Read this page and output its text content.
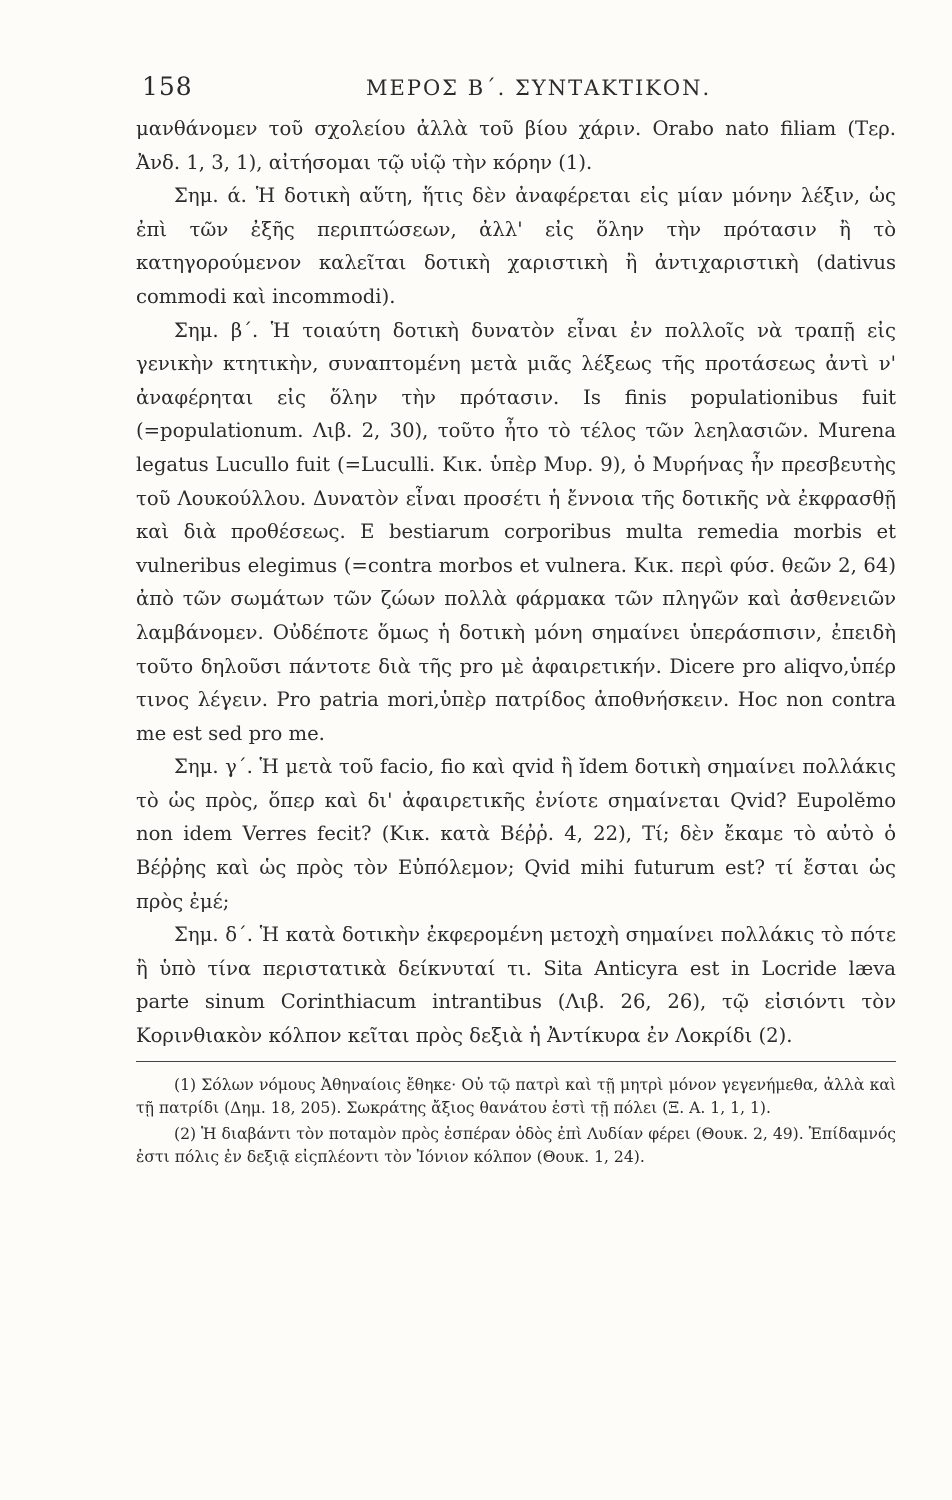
158	ΜΕΡΟΣ Β΄. ΣΥΝΤΑΚΤΙΚΟΝ.

μανθάνομεν τοῦ σχολείου ἀλλὰ τοῦ βίου χάριν. Orabo nato filiam (Τερ. Ἀνδ. 1, 3, 1), αἰτήσομαι τῷ υἱῷ τὴν κόρην (1).

Σημ. ά. Ἡ δοτικὴ αὕτη, ἥτις δὲν ἀναφέρεται εἰς μίαν μόνην λέξιν, ὡς ἐπὶ τῶν ἐξῆς περιπτώσεων, ἀλλ' εἰς ὅλην τὴν πρότασιν ἢ τὸ κατηγορούμενον καλεῖται δοτικὴ χαριστικὴ ἢ ἀντιχαριστικὴ (dativus commodi καὶ incommodi).

Σημ. β΄. Ἡ τοιαύτη δοτικὴ δυνατὸν εἶναι ἐν πολλοῖς νὰ τραπῇ εἰς γενικὴν κτητικὴν, συναπτομένη μετὰ μιᾶς λέξεως τῆς προτάσεως ἀντὶ ν' ἀναφέρηται εἰς ὅλην τὴν πρότασιν. Is finis populationibus fuit (=populationum. Λιβ. 2, 30), τοῦτο ἦτο τὸ τέλος τῶν λεηλασιῶν. Murena legatus Lucullo fuit (=Luculli. Κικ. ὑπὲρ Μυρ. 9), ὁ Μυρήνας ἦν πρεσβευτὴς τοῦ Λουκούλλου. Δυνατὸν εἶναι προσέτι ἡ ἔννοια τῆς δοτικῆς νὰ ἐκφρασθῇ καὶ διὰ προθέσεως. E bestiarum corporibus multa remedia morbis et vulneribus elegimus (=contra morbos et vulnera. Κικ. περὶ φύσ. θεῶν 2, 64) ἀπὸ τῶν σωμάτων τῶν ζώων πολλὰ φάρμακα τῶν πληγῶν καὶ ἀσθενειῶν λαμβάνομεν. Οὐδέποτε ὅμως ἡ δοτικὴ μόνη σημαίνει ὑπεράσπισιν, ἐπειδὴ τοῦτο δηλοῦσι πάντοτε διὰ τῆς pro μὲ ἀφαιρετικήν. Dicere pro aliqvo,ὑπέρ τινος λέγειν. Pro patria mori,ὑπὲρ πατρίδος ἀποθνήσκειν. Hoc non contra me est sed pro me.

Σημ. γ΄. Ἡ μετὰ τοῦ facio, fio καὶ qvid ἢ ĭdem δοτικὴ σημαίνει πολλάκις τὸ ὡς πρὸς, ὅπερ καὶ δι' ἀφαιρετικῆς ἐνίοτε σημαίνεται Qvid? Eupolĕmo non idem Verres fecit? (Κικ. κατὰ Βέῤῥ. 4, 22), Τί; δὲν ἔκαμε τὸ αὐτὸ ὁ Βέῤῥης καὶ ὡς πρὸς τὸν Εὐπόλεμον; Qvid mihi futurum est? τί ἔσται ὡς πρὸς ἐμέ;

Σημ. δ΄. Ἡ κατὰ δοτικὴν ἐκφερομένη μετοχὴ σημαίνει πολλάκις τὸ πότε ἢ ὑπὸ τίνα περιστατικὰ δείκνυταί τι. Sita Anticyra est in Locride læva parte sinum Corinthiacum intrantibus (Λιβ. 26, 26), τῷ εἰσιόντι τὸν Κορινθιακὸν κόλπον κεῖται πρὸς δεξιὰ ἡ Ἀντίκυρα ἐν Λοκρίδι (2).

(1) Σόλων νόμους Ἀθηναίοις ἔθηκε· Οὐ τῷ πατρὶ καὶ τῇ μητρὶ μόνον γεγενήμεθα, ἀλλὰ καὶ τῇ πατρίδι (Δημ. 18, 205). Σωκράτης ἄξιος θανάτου ἐστὶ τῇ πόλει (Ξ. Α. 1, 1, 1).

(2) Ἡ διαβάντι τὸν ποταμὸν πρὸς ἑσπέραν ὁδὸς ἐπὶ Λυδίαν φέρει (Θουκ. 2, 49). Ἐπίδαμνός ἐστι πόλις ἐν δεξιᾷ εἰςπλέοντι τὸν Ἰόνιον κόλπον (Θουκ. 1, 24).
